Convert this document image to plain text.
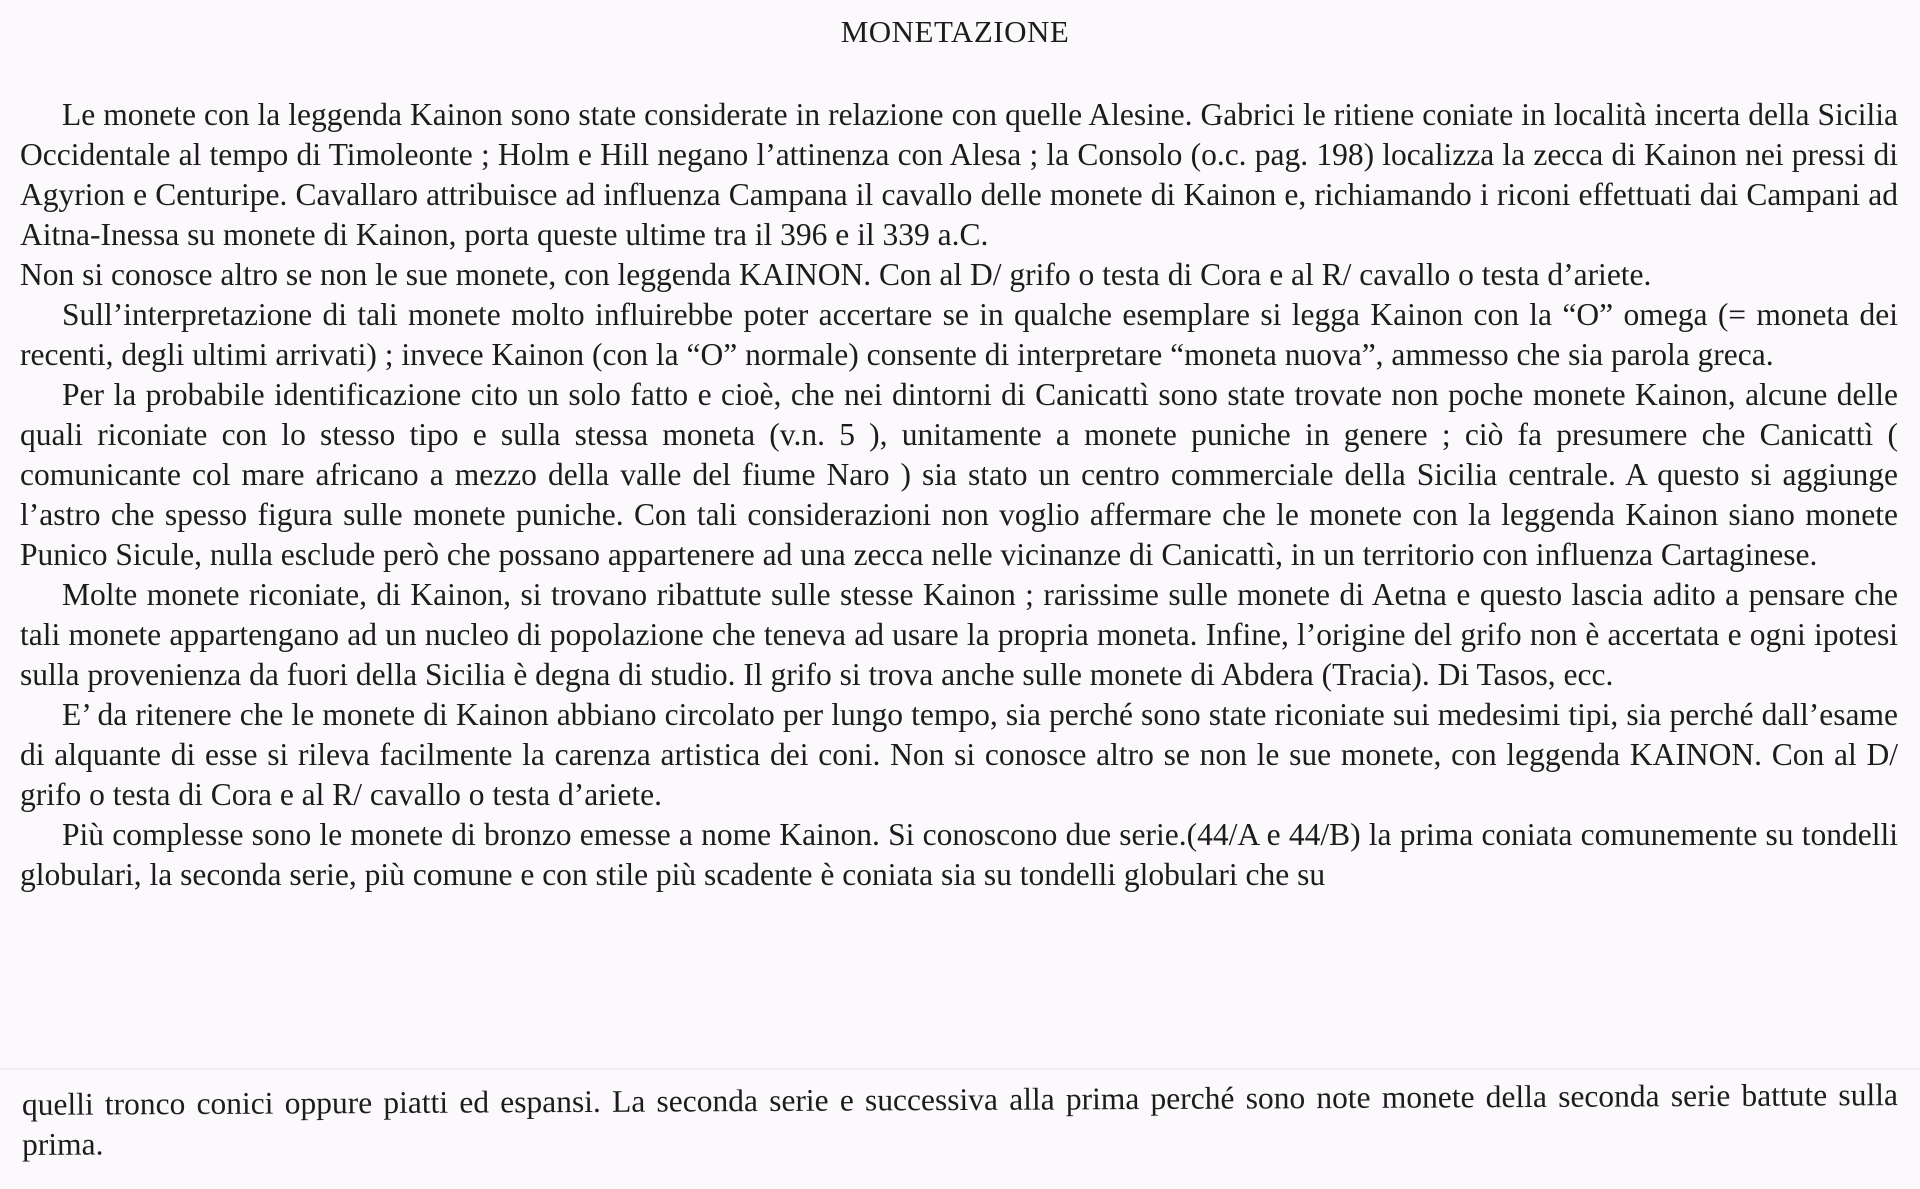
MONETAZIONE

Le monete con la leggenda Kainon sono state considerate in relazione con quelle Alesine. Gabrici le ritiene coniate in località incerta della Sicilia Occidentale al tempo di Timoleonte ; Holm e Hill negano l’attinenza con Alesa ; la Consolo (o.c. pag. 198) localizza la zecca di Kainon nei pressi di Agyrion e Centuripe. Cavallaro attribuisce ad influenza Campana il cavallo delle monete di Kainon e, richiamando i riconi effettuati dai Campani ad Aitna-Inessa su monete di Kainon, porta queste ultime tra il 396 e il 339 a.C.

Non si conosce altro se non le sue monete, con leggenda KAINON. Con al D/ grifo o testa di Cora e al R/ cavallo o testa d’ariete.

Sull’interpretazione di tali monete molto influirebbe poter accertare se in qualche esemplare si legga Kainon con la “O” omega (= moneta dei recenti, degli ultimi arrivati) ; invece Kainon (con la “O” normale) consente di interpretare “moneta nuova”, ammesso che sia parola greca.

Per la probabile identificazione cito un solo fatto e cioè, che nei dintorni di Canicattì sono state trovate non poche monete Kainon, alcune delle quali riconiate con lo stesso tipo e sulla stessa moneta (v.n. 5 ), unitamente a monete puniche in genere ; ciò fa presumere che Canicattì ( comunicante col mare africano a mezzo della valle del fiume Naro ) sia stato un centro commerciale della Sicilia centrale. A questo si aggiunge l’astro che spesso figura sulle monete puniche. Con tali considerazioni non voglio affermare che le monete con la leggenda Kainon siano monete Punico Sicule, nulla esclude però che possano appartenere ad una zecca nelle vicinanze di Canicattì, in un territorio con influenza Cartaginese.

Molte monete riconiate, di Kainon, si trovano ribattute sulle stesse Kainon ; rarissime sulle monete di Aetna e questo lascia adito a pensare che tali monete appartengano ad un nucleo di popolazione che teneva ad usare la propria moneta. Infine, l’origine del grifo non è accertata e ogni ipotesi sulla provenienza da fuori della Sicilia è degna di studio. Il grifo si trova anche sulle monete di Abdera (Tracia). Di Tasos, ecc.

E’ da ritenere che le monete di Kainon abbiano circolato per lungo tempo, sia perché sono state riconiate sui medesimi tipi, sia perché dall’esame di alquante di esse si rileva facilmente la carenza artistica dei coni. Non si conosce altro se non le sue monete, con leggenda KAINON. Con al D/ grifo o testa di Cora e al R/ cavallo o testa d’ariete.

Più complesse sono le monete di bronzo emesse a nome Kainon. Si conoscono due serie.(44/A e 44/B) la prima coniata comunemente su tondelli globulari, la seconda serie, più comune e con stile più scadente è coniata sia su tondelli globulari che su

quelli tronco conici oppure piatti ed espansi. La seconda serie e successiva alla prima perché sono note monete della seconda serie battute sulla prima.
